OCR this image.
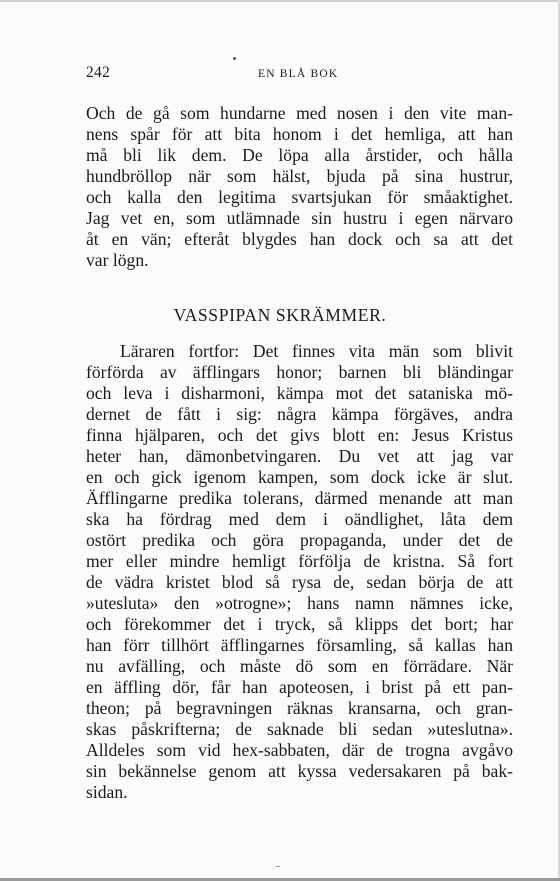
242	EN BLÅ BOK
Och de gå som hundarne med nosen i den vite man-
nens spår för att bita honom i det hemliga, att han
må bli lik dem. De löpa alla årstider, och hålla
hundbröllop när som hälst, bjuda på sina hustrur,
och kalla den legitima svartsjukan för småaktighet.
Jag vet en, som utlämnade sin hustru i egen närvaro
åt en vän; efteråt blygdes han dock och sa att det
var lögn.
VASSPIPAN SKRÄMMER.
Läraren fortfor: Det finnes vita män som blivit
förförda av äfflingars honor; barnen bli bländingar
och leva i disharmoni, kämpa mot det sataniska mö-
dernet de fått i sig: några kämpa förgäves, andra
finna hjälparen, och det givs blott en: Jesus Kristus
heter han, dämonbetvingaren. Du vet att jag var
en och gick igenom kampen, som dock icke är slut.
Äfflingarne predika tolerans, därmed menande att man
ska ha fördrag med dem i oändlighet, låta dem
ostört predika och göra propaganda, under det de
mer eller mindre hemligt förfölja de kristna. Så fort
de vädra kristet blod så rysa de, sedan börja de att
»utesluta» den »otrogne»; hans namn nämnes icke,
och förekommer det i tryck, så klipps det bort; har
han förr tillhört äfflingarnes församling, så kallas han
nu avfälling, och måste dö som en förrädare. När
en äffling dör, får han apoteosen, i brist på ett pan-
theon; på begravningen räknas kransarna, och gran-
skas påskrifterna; de saknade bli sedan »uteslutna».
Alldeles som vid hex-sabbaten, där de trogna avgåvo
sin bekännelse genom att kyssa vedersakaren på bak-
sidan.
